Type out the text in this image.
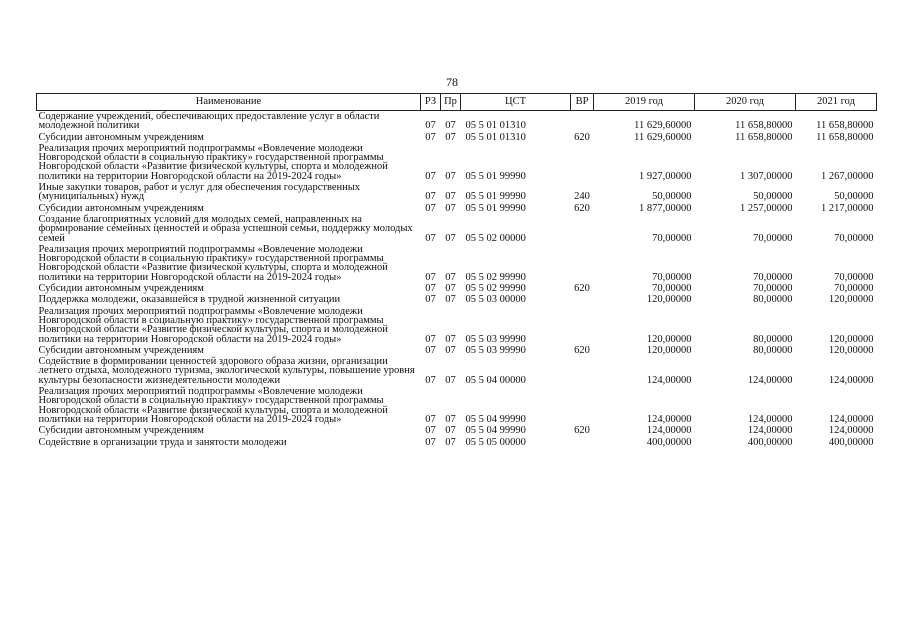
78
Наименование	РЗ	Пр	ЦСТ	ВР	2019 год	2020 год	2021 год
Содержание учреждений, обеспечивающих предоставление услуг в области молодежной политики	07	07	05 5 01 01310		11 629,60000	11 658,80000	11 658,80000
Субсидии автономным учреждениям	07	07	05 5 01 01310	620	11 629,60000	11 658,80000	11 658,80000
Реализация прочих мероприятий подпрограммы «Вовлечение молодежи Новгородской области в социальную практику» государственной программы Новгородской области «Развитие физической культуры, спорта и молодежной политики на территории Новгородской области на 2019-2024 годы»	07	07	05 5 01 99990		1 927,00000	1 307,00000	1 267,00000
Иные закупки товаров, работ и услуг для обеспечения государственных (муниципальных) нужд	07	07	05 5 01 99990	240	50,00000	50,00000	50,00000
Субсидии автономным учреждениям	07	07	05 5 01 99990	620	1 877,00000	1 257,00000	1 217,00000
Создание благоприятных условий для молодых семей, направленных на формирование семейных ценностей и образа успешной семьи, поддержку молодых семей	07	07	05 5 02 00000		70,00000	70,00000	70,00000
Реализация прочих мероприятий подпрограммы «Вовлечение молодежи Новгородской области в социальную практику» государственной программы Новгородской области «Развитие физической культуры, спорта и молодежной политики на территории Новгородской области на 2019-2024 годы»	07	07	05 5 02 99990		70,00000	70,00000	70,00000
Субсидии автономным учреждениям	07	07	05 5 02 99990	620	70,00000	70,00000	70,00000
Поддержка молодежи, оказавшейся в трудной жизненной ситуации	07	07	05 5 03 00000		120,00000	80,00000	120,00000
Реализация прочих мероприятий подпрограммы «Вовлечение молодежи Новгородской области в социальную практику» государственной программы Новгородской области «Развитие физической культуры, спорта и молодежной политики на территории Новгородской области на 2019-2024 годы»	07	07	05 5 03 99990		120,00000	80,00000	120,00000
Субсидии автономным учреждениям	07	07	05 5 03 99990	620	120,00000	80,00000	120,00000
Содействие в формировании ценностей здорового образа жизни, организации летнего отдыха, молодежного туризма, экологической культуры, повышение уровня культуры безопасности жизнедеятельности молодежи	07	07	05 5 04 00000		124,00000	124,00000	124,00000
Реализация прочих мероприятий подпрограммы «Вовлечение молодежи Новгородской области в социальную практику» государственной программы Новгородской области «Развитие физической культуры, спорта и молодежной политики на территории Новгородской области на 2019-2024 годы»	07	07	05 5 04 99990		124,00000	124,00000	124,00000
Субсидии автономным учреждениям	07	07	05 5 04 99990	620	124,00000	124,00000	124,00000
Содействие в организации труда и занятости молодежи	07	07	05 5 05 00000		400,00000	400,00000	400,00000
